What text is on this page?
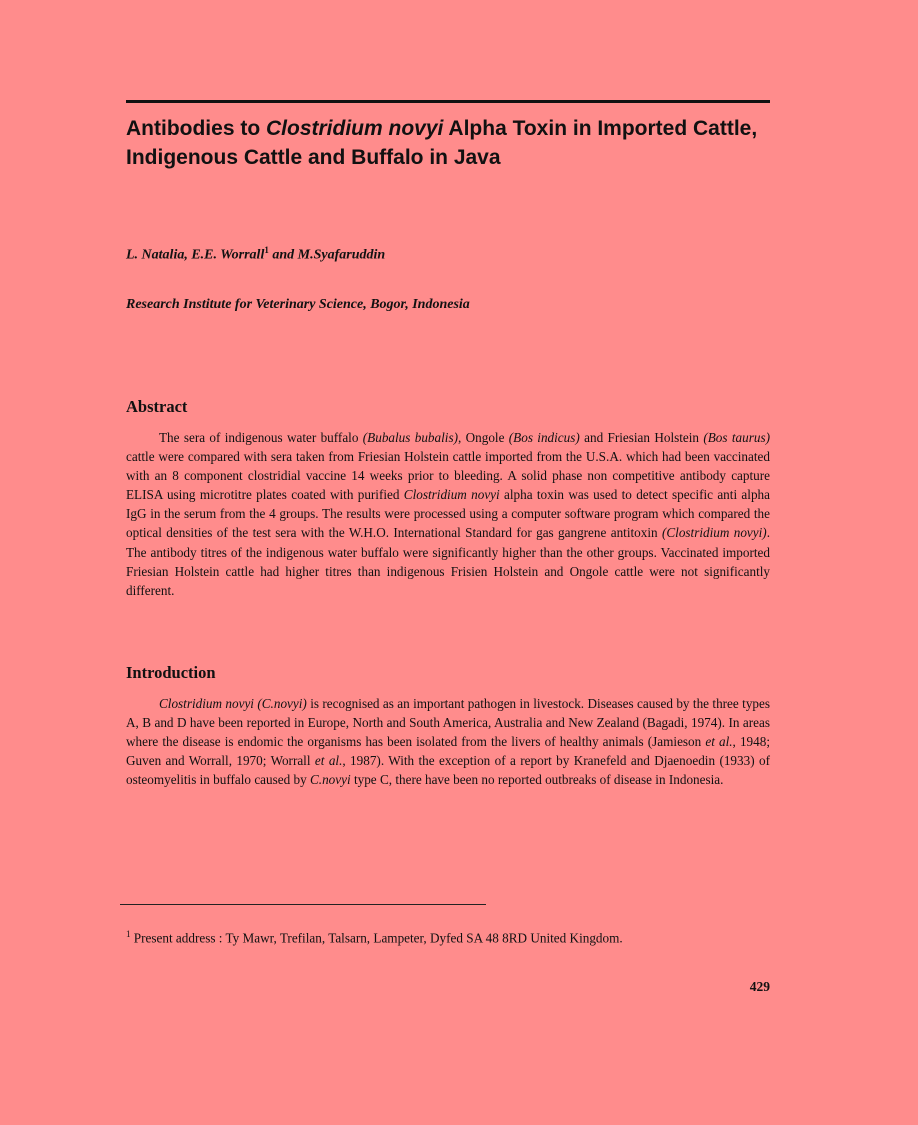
Antibodies to Clostridium novyi Alpha Toxin in Imported Cattle, Indigenous Cattle and Buffalo in Java

L. Natalia, E.E. Worrall$^1$ and M.Syafaruddin

Research Institute for Veterinary Science, Bogor, Indonesia

Abstract

The sera of indigenous water buffalo (Bubalus bubalis), Ongole (Bos indicus) and Friesian Holstein (Bos taurus) cattle were compared with sera taken from Friesian Holstein cattle imported from the U.S.A. which had been vaccinated with an 8 component clostridial vaccine 14 weeks prior to bleeding. A solid phase non competitive antibody capture ELISA using microtitre plates coated with purified Clostridium novyi alpha toxin was used to detect specific anti alpha IgG in the serum from the 4 groups. The results were processed using a computer software program which compared the optical densities of the test sera with the W.H.O. International Standard for gas gangrene antitoxin (Clostridium novyi). The antibody titres of the indigenous water buffalo were significantly higher than the other groups. Vaccinated imported Friesian Holstein cattle had higher titres than indigenous Frisien Holstein and Ongole cattle were not significantly different.

Introduction

Clostridium novyi (C.novyi) is recognised as an important pathogen in livestock. Diseases caused by the three types A, B and D have been reported in Europe, North and South America, Australia and New Zealand (Bagadi, 1974). In areas where the disease is endomic the organisms has been isolated from the livers of healthy animals (Jamieson et al., 1948; Guven and Worrall, 1970; Worrall et al., 1987). With the exception of a report by Kranefeld and Djaenoedin (1933) of osteomyelitis in buffalo caused by C.novyi type C, there have been no reported outbreaks of disease in Indonesia.

$^1$ Present address : Ty Mawr, Trefilan, Talsarn, Lampeter, Dyfed SA 48 8RD United Kingdom.

429
